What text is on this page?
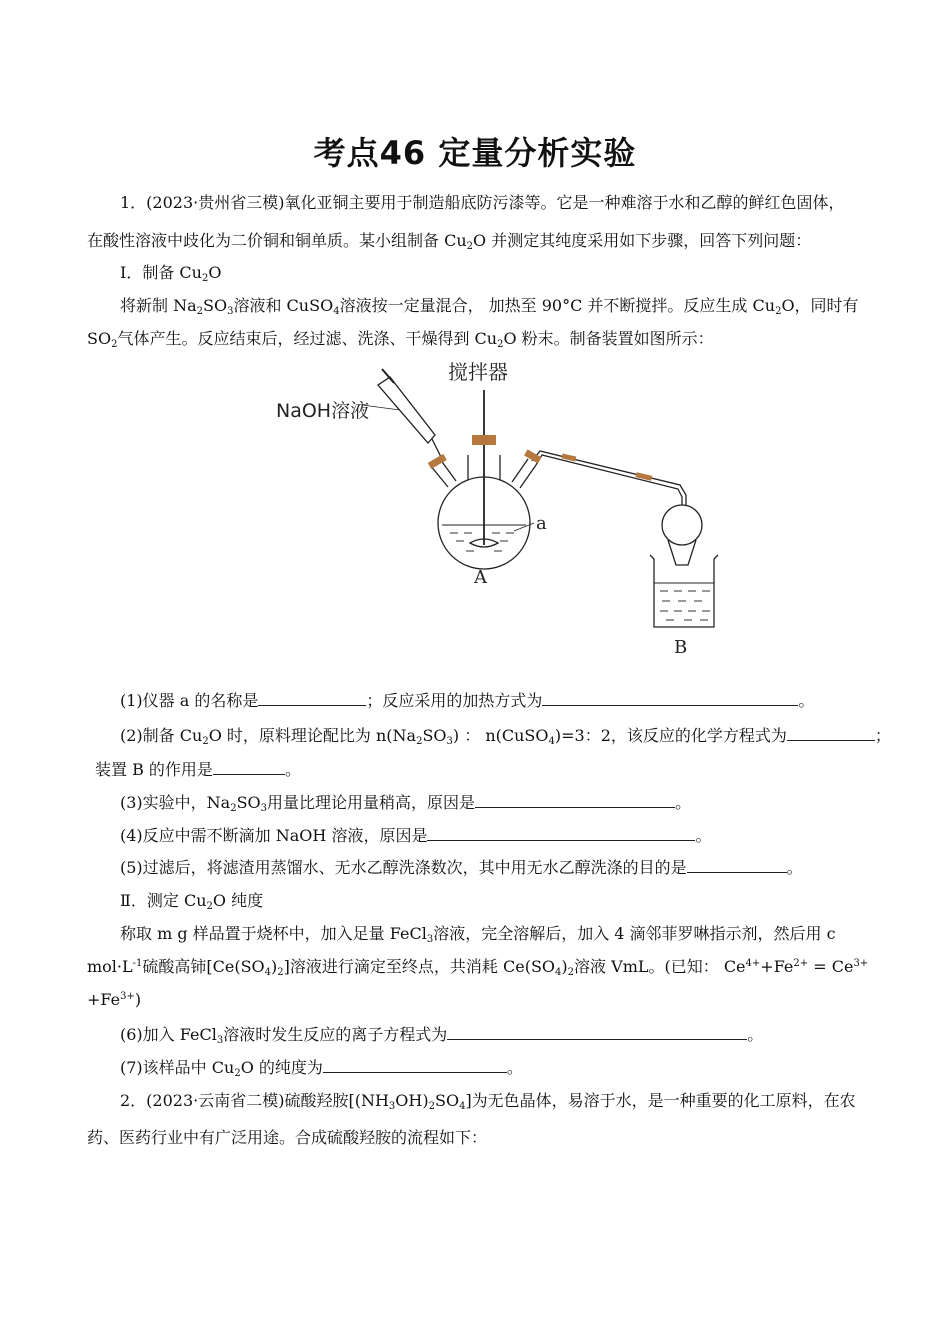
考点46 定量分析实验
1．(2023·贵州省三模)氧化亚铜主要用于制造船底防污漆等。它是一种难溶于水和乙醇的鲜红色固体，
在酸性溶液中歧化为二价铜和铜单质。某小组制备 $Cu_2O$ 并测定其纯度采用如下步骤，回答下列问题：
I．制备 $Cu_2O$
将新制 $Na_2SO_3$溶液和 CuSO$_4$溶液按一定量混合， 加热至 90°C 并不断搅拌。反应生成 $Cu_2O$，同时有
$SO_2$气体产生。反应结束后，经过滤、洗涤、干燥得到 $Cu_2O$ 粉末。制备装置如图所示：
搅拌器
NaOH溶液
a
A
B
(1)仪器 a 的名称是	；反应采用的加热方式为	。
(2)制备 $Cu_2O$ 时，原料理论配比为 $n(Na_2SO_3)$ ： n(CuSO$_4$)=3：2，该反应的化学方程式为	；
装置 B 的作用是	。
(3)实验中，$Na_2SO_3$用量比理论用量稍高，原因是	。
(4)反应中需不断滴加 NaOH 溶液，原因是	。
(5)过滤后，将滤渣用蒸馏水、无水乙醇洗涤数次，其中用无水乙醇洗涤的目的是	。
Ⅱ．测定 $Cu_2O$ 纯度
称取 m g 样品置于烧杯中，加入足量 FeCl$_3$溶液，完全溶解后，加入 4 滴邻菲罗啉指示剂，然后用 c
$mol\cdot L^{-1}$硫酸高铈$[Ce(SO_4)_2]$溶液进行滴定至终点，共消耗 $Ce(SO_4)_2$溶液 VmL。(已知： $Ce^{4+}+Fe^{2+} = Ce^{3+}$
$+Fe^{3+}$)
(6)加入 FeCl$_3$溶液时发生反应的离子方程式为	。
(7)该样品中 $Cu_2O$ 的纯度为	。
2．(2023·云南省二模)硫酸羟胺$[(NH_3OH)_2SO_4]$为无色晶体，易溶于水，是一种重要的化工原料，在农
药、医药行业中有广泛用途。合成硫酸羟胺的流程如下：
